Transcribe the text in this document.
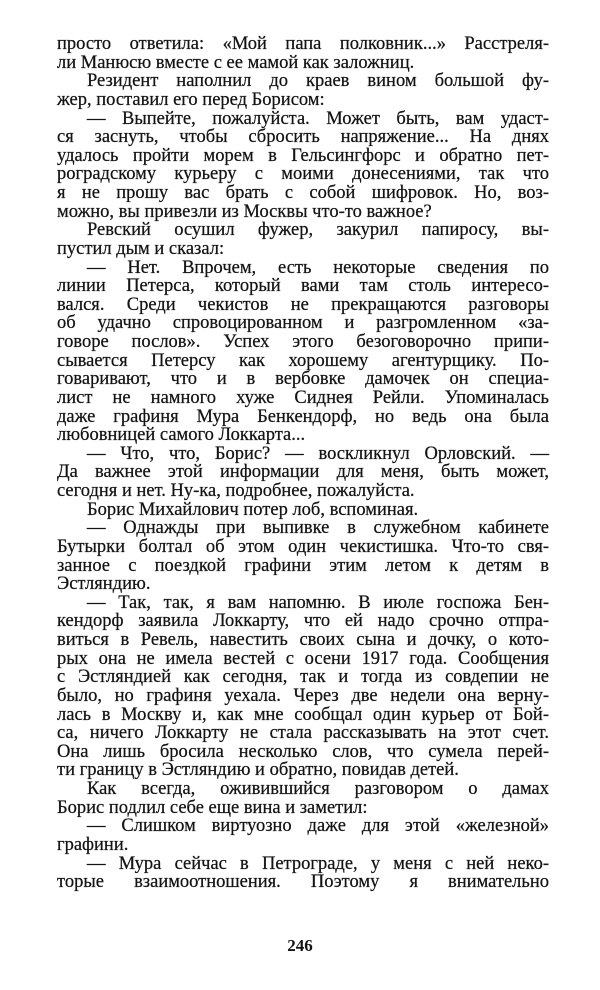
просто ответила: «Мой папа полковник...» Расстреля-
ли Манюсю вместе с ее мамой как заложниц.
Резидент наполнил до краев вином большой фу-
жер, поставил его перед Борисом:
— Выпейте, пожалуйста. Может быть, вам удаст-
ся заснуть, чтобы сбросить напряжение... На днях
удалось пройти морем в Гельсингфорс и обратно пет-
роградскому курьеру с моими донесениями, так что
я не прошу вас брать с собой шифровок. Но, воз-
можно, вы привезли из Москвы что-то важное?
Ревский осушил фужер, закурил папиросу, вы-
пустил дым и сказал:
— Нет. Впрочем, есть некоторые сведения по
линии Петерса, который вами там столь интересо-
вался. Среди чекистов не прекращаются разговоры
об удачно спровоцированном и разгромленном «за-
говоре послов». Успех этого безоговорочно припи-
сывается Петерсу как хорошему агентурщику. По-
говаривают, что и в вербовке дамочек он специа-
лист не намного хуже Сиднея Рейли. Упоминалась
даже графиня Мура Бенкендорф, но ведь она была
любовницей самого Локкарта...
— Что, что, Борис? — воскликнул Орловский. —
Да важнее этой информации для меня, быть может,
сегодня и нет. Ну-ка, подробнее, пожалуйста.
Борис Михайлович потер лоб, вспоминая.
— Однажды при выпивке в служебном кабинете
Бутырки болтал об этом один чекистишка. Что-то свя-
занное с поездкой графини этим летом к детям в
Эстляндию.
— Так, так, я вам напомню. В июле госпожа Бен-
кендорф заявила Локкарту, что ей надо срочно отпра-
виться в Ревель, навестить своих сына и дочку, о кото-
рых она не имела вестей с осени 1917 года. Сообщения
с Эстляндией как сегодня, так и тогда из совдепии не
было, но графиня уехала. Через две недели она верну-
лась в Москву и, как мне сообщал один курьер от Бой-
са, ничего Локкарту не стала рассказывать на этот счет.
Она лишь бросила несколько слов, что сумела перей-
ти границу в Эстляндию и обратно, повидав детей.
Как всегда, оживившийся разговором о дамах
Борис подлил себе еще вина и заметил:
— Слишком виртуозно даже для этой «железной»
графини.
— Мура сейчас в Петрограде, у меня с ней неко-
торые взаимоотношения. Поэтому я внимательно
246
